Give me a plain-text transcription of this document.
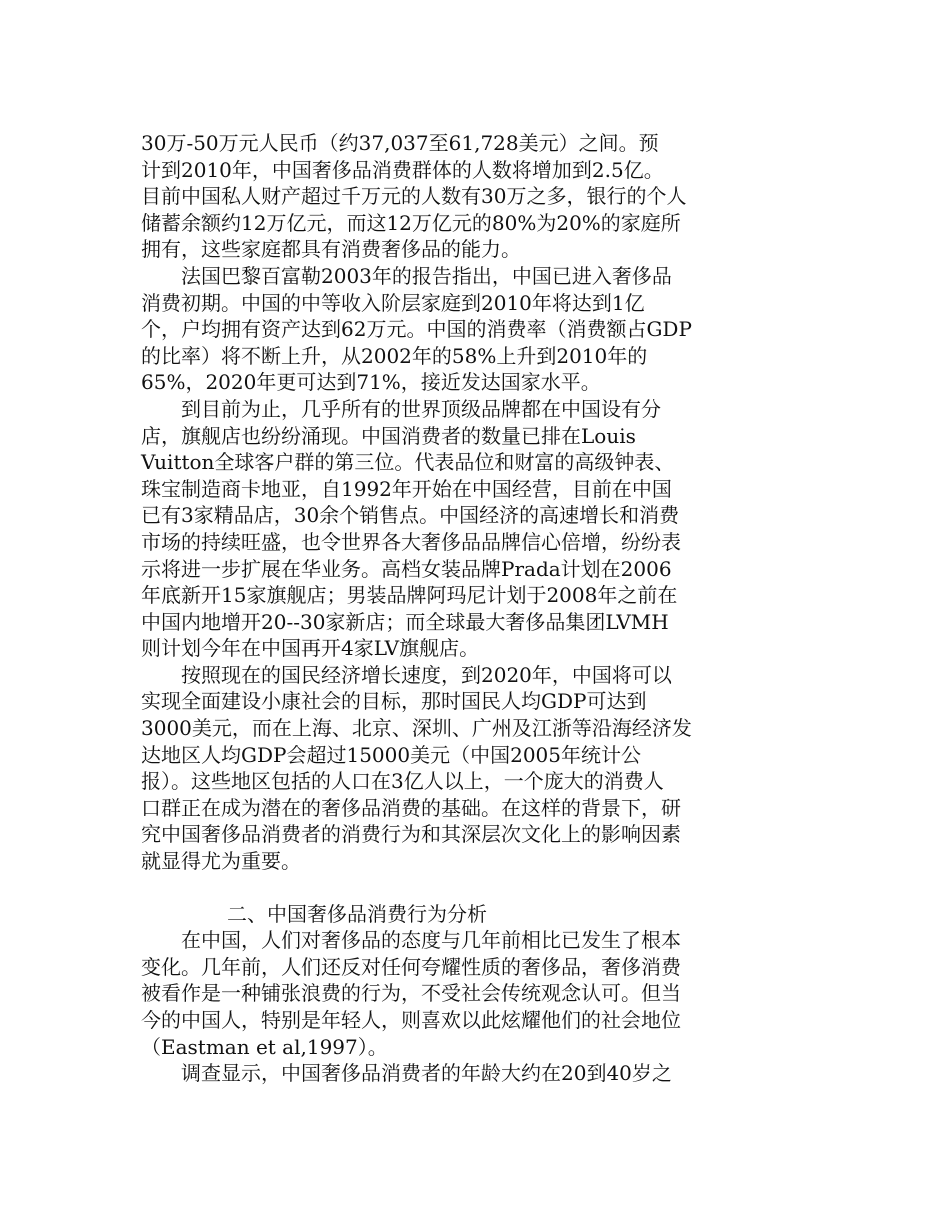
30万-50万元人民币（约37,037至61,728美元）之间。预
计到2010年，中国奢侈品消费群体的人数将增加到2.5亿。
目前中国私人财产超过千万元的人数有30万之多，银行的个人
储蓄余额约12万亿元，而这12万亿元的80%为20%的家庭所
拥有，这些家庭都具有消费奢侈品的能力。

　　法国巴黎百富勒2003年的报告指出，中国已进入奢侈品
消费初期。中国的中等收入阶层家庭到2010年将达到1亿
个，户均拥有资产达到62万元。中国的消费率（消费额占GDP
的比率）将不断上升，从2002年的58%上升到2010年的
65%，2020年更可达到71%，接近发达国家水平。

　　到目前为止，几乎所有的世界顶级品牌都在中国设有分
店，旗舰店也纷纷涌现。中国消费者的数量已排在Louis
Vuitton全球客户群的第三位。代表品位和财富的高级钟表、
珠宝制造商卡地亚，自1992年开始在中国经营，目前在中国
已有3家精品店，30余个销售点。中国经济的高速增长和消费
市场的持续旺盛，也令世界各大奢侈品品牌信心倍增，纷纷表
示将进一步扩展在华业务。高档女装品牌Prada计划在2006
年底新开15家旗舰店；男装品牌阿玛尼计划于2008年之前在
中国内地增开20--30家新店；而全球最大奢侈品集团LVMH
则计划今年在中国再开4家LV旗舰店。

　　按照现在的国民经济增长速度，到2020年，中国将可以
实现全面建设小康社会的目标，那时国民人均GDP可达到
3000美元，而在上海、北京、深圳、广州及江浙等沿海经济发
达地区人均GDP会超过15000美元（中国2005年统计公
报）。这些地区包括的人口在3亿人以上，一个庞大的消费人
口群正在成为潜在的奢侈品消费的基础。在这样的背景下，研
究中国奢侈品消费者的消费行为和其深层次文化上的影响因素
就显得尤为重要。

二、中国奢侈品消费行为分析

　　在中国，人们对奢侈品的态度与几年前相比已发生了根本
变化。几年前，人们还反对任何夸耀性质的奢侈品，奢侈消费
被看作是一种铺张浪费的行为，不受社会传统观念认可。但当
今的中国人，特别是年轻人，则喜欢以此炫耀他们的社会地位
（Eastman et al,1997）。

　　调查显示，中国奢侈品消费者的年龄大约在20到40岁之
